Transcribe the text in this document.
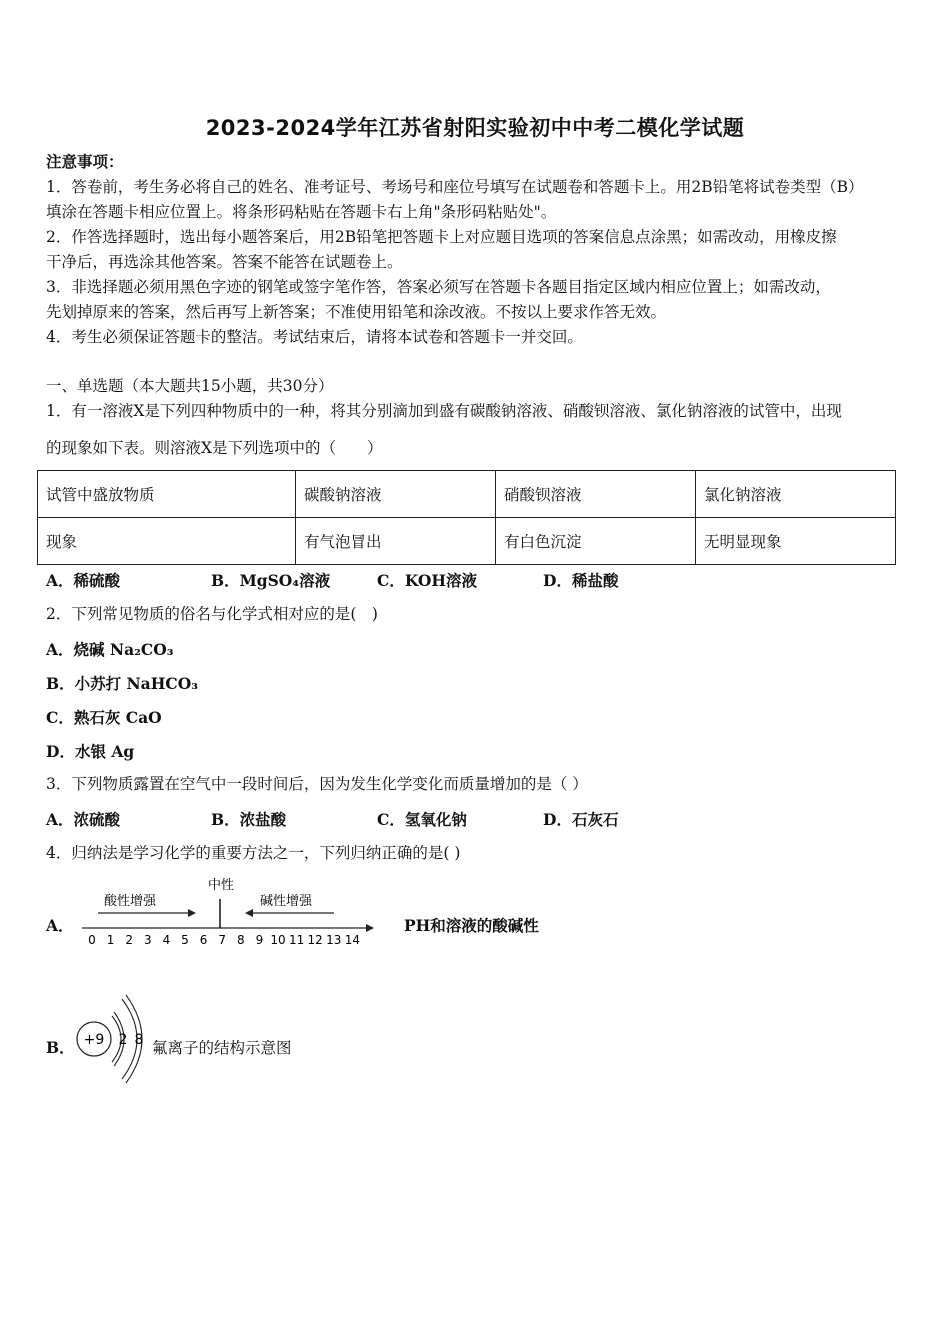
2023-2024学年江苏省射阳实验初中中考二模化学试题
注意事项：
1．答卷前，考生务必将自己的姓名、准考证号、考场号和座位号填写在试题卷和答题卡上。用2B铅笔将试卷类型（B）
填涂在答题卡相应位置上。将条形码粘贴在答题卡右上角"条形码粘贴处"。
2．作答选择题时，选出每小题答案后，用2B铅笔把答题卡上对应题目选项的答案信息点涂黑；如需改动，用橡皮擦
干净后，再选涂其他答案。答案不能答在试题卷上。
3．非选择题必须用黑色字迹的钢笔或签字笔作答，答案必须写在答题卡各题目指定区域内相应位置上；如需改动，
先划掉原来的答案，然后再写上新答案；不准使用铅笔和涂改液。不按以上要求作答无效。
4．考生必须保证答题卡的整洁。考试结束后，请将本试卷和答题卡一并交回。
一、单选题（本大题共15小题，共30分）
1．有一溶液X是下列四种物质中的一种，将其分别滴加到盛有碳酸钠溶液、硝酸钡溶液、氯化钠溶液的试管中，出现
的现象如下表。则溶液X是下列选项中的（　　）
试管中盛放物质	碳酸钠溶液	硝酸钡溶液	氯化钠溶液
现象	有气泡冒出	有白色沉淀	无明显现象
A．稀硫酸	B．MgSO₄溶液	C．KOH溶液	D．稀盐酸
2．下列常见物质的俗名与化学式相对应的是(　)
A．烧碱 Na₂CO₃
B．小苏打 NaHCO₃
C．熟石灰 CaO
D．水银 Ag
3．下列物质露置在空气中一段时间后，因为发生化学变化而质量增加的是（ ）
A．浓硫酸	B．浓盐酸	C．氢氧化钠	D．石灰石
4．归纳法是学习化学的重要方法之一，下列归纳正确的是( )
A．
中性
酸性增强	碱性增强
0 1 2 3 4 5 6 7 8 9 10 11 12 13 14
PH和溶液的酸碱性
B． +9 2 8 氟离子的结构示意图
